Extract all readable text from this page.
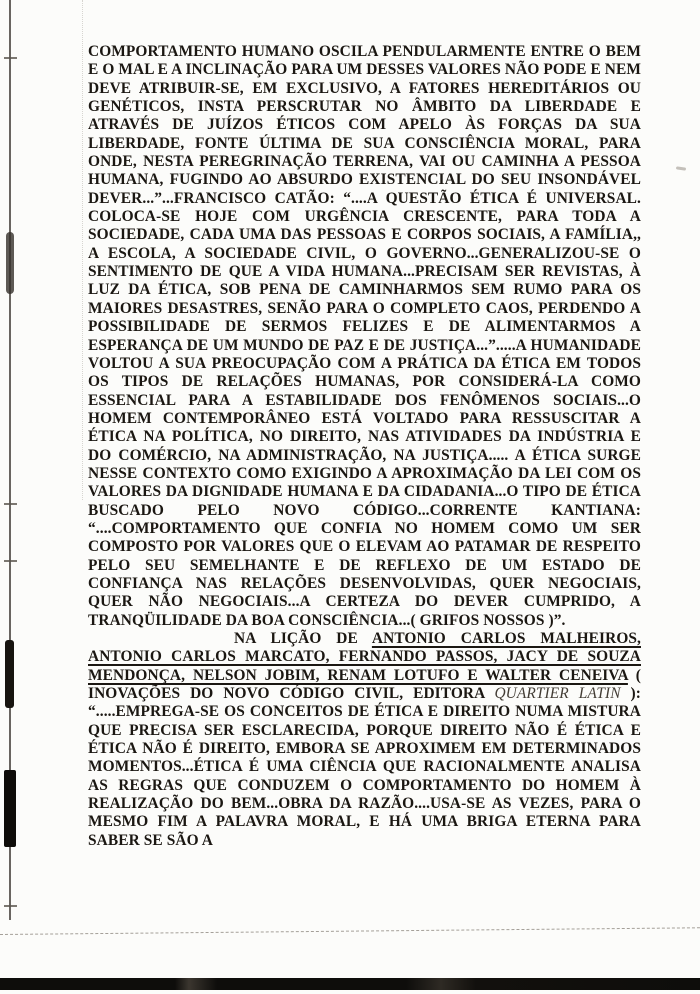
COMPORTAMENTO HUMANO OSCILA PENDULARMENTE ENTRE O BEM E O MAL E A INCLINAÇÃO PARA UM DESSES VALORES NÃO PODE E NEM DEVE ATRIBUIR-SE, EM EXCLUSIVO, A FATORES HEREDITÁRIOS OU GENÉTICOS, INSTA PERSCRUTAR NO ÂMBITO DA LIBERDADE E ATRAVÉS DE JUÍZOS ÉTICOS COM APELO ÀS FORÇAS DA SUA LIBERDADE, FONTE ÚLTIMA DE SUA CONSCIÊNCIA MORAL, PARA ONDE, NESTA PEREGRINAÇÃO TERRENA, VAI OU CAMINHA A PESSOA HUMANA, FUGINDO AO ABSURDO EXISTENCIAL DO SEU INSONDÁVEL DEVER...”...FRANCISCO CATÃO: “....A QUESTÃO ÉTICA É UNIVERSAL. COLOCA-SE HOJE COM URGÊNCIA CRESCENTE, PARA TODA A SOCIEDADE, CADA UMA DAS PESSOAS E CORPOS SOCIAIS, A FAMÍLIA,, A ESCOLA, A SOCIEDADE CIVIL, O GOVERNO...GENERALIZOU-SE O SENTIMENTO DE QUE A VIDA HUMANA...PRECISAM SER REVISTAS, À LUZ DA ÉTICA, SOB PENA DE CAMINHARMOS SEM RUMO PARA OS MAIORES DESASTRES, SENÃO PARA O COMPLETO CAOS, PERDENDO A POSSIBILIDADE DE SERMOS FELIZES E DE ALIMENTARMOS A ESPERANÇA DE UM MUNDO DE PAZ E DE JUSTIÇA...”.....A HUMANIDADE VOLTOU A SUA PREOCUPAÇÃO COM A PRÁTICA DA ÉTICA EM TODOS OS TIPOS DE RELAÇÕES HUMANAS, POR CONSIDERÁ-LA COMO ESSENCIAL PARA A ESTABILIDADE DOS FENÔMENOS SOCIAIS...O HOMEM CONTEMPORÂNEO ESTÁ VOLTADO PARA RESSUSCITAR A ÉTICA NA POLÍTICA, NO DIREITO, NAS ATIVIDADES DA INDÚSTRIA E DO COMÉRCIO, NA ADMINISTRAÇÃO, NA JUSTIÇA..... A ÉTICA SURGE NESSE CONTEXTO COMO EXIGINDO A APROXIMAÇÃO DA LEI COM OS VALORES DA DIGNIDADE HUMANA E DA CIDADANIA...O TIPO DE ÉTICA BUSCADO PELO NOVO CÓDIGO...CORRENTE KANTIANA: “....COMPORTAMENTO QUE CONFIA NO HOMEM COMO UM SER COMPOSTO POR VALORES QUE O ELEVAM AO PATAMAR DE RESPEITO PELO SEU SEMELHANTE E DE REFLEXO DE UM ESTADO DE CONFIANÇA NAS RELAÇÕES DESENVOLVIDAS, QUER NEGOCIAIS, QUER NÃO NEGOCIAIS...A CERTEZA DO DEVER CUMPRIDO, A TRANQÜILIDADE DA BOA CONSCIÊNCIA...( GRIFOS NOSSOS )”.

NA LIÇÃO DE ANTONIO CARLOS MALHEIROS, ANTONIO CARLOS MARCATO, FERNANDO PASSOS, JACY DE SOUZA MENDONÇA, NELSON JOBIM, RENAM LOTUFO E WALTER CENEIVA ( INOVAÇÕES DO NOVO CÓDIGO CIVIL, EDITORA QUARTIER LATIN ): “.....EMPREGA-SE OS CONCEITOS DE ÉTICA E DIREITO NUMA MISTURA QUE PRECISA SER ESCLARECIDA, PORQUE DIREITO NÃO É ÉTICA E ÉTICA NÃO É DIREITO, EMBORA SE APROXIMEM EM DETERMINADOS MOMENTOS...ÉTICA É UMA CIÊNCIA QUE RACIONALMENTE ANALISA AS REGRAS QUE CONDUZEM O COMPORTAMENTO DO HOMEM À REALIZAÇÃO DO BEM...OBRA DA RAZÃO....USA-SE AS VEZES, PARA O MESMO FIM A PALAVRA MORAL, E HÁ UMA BRIGA ETERNA PARA SABER SE SÃO A
